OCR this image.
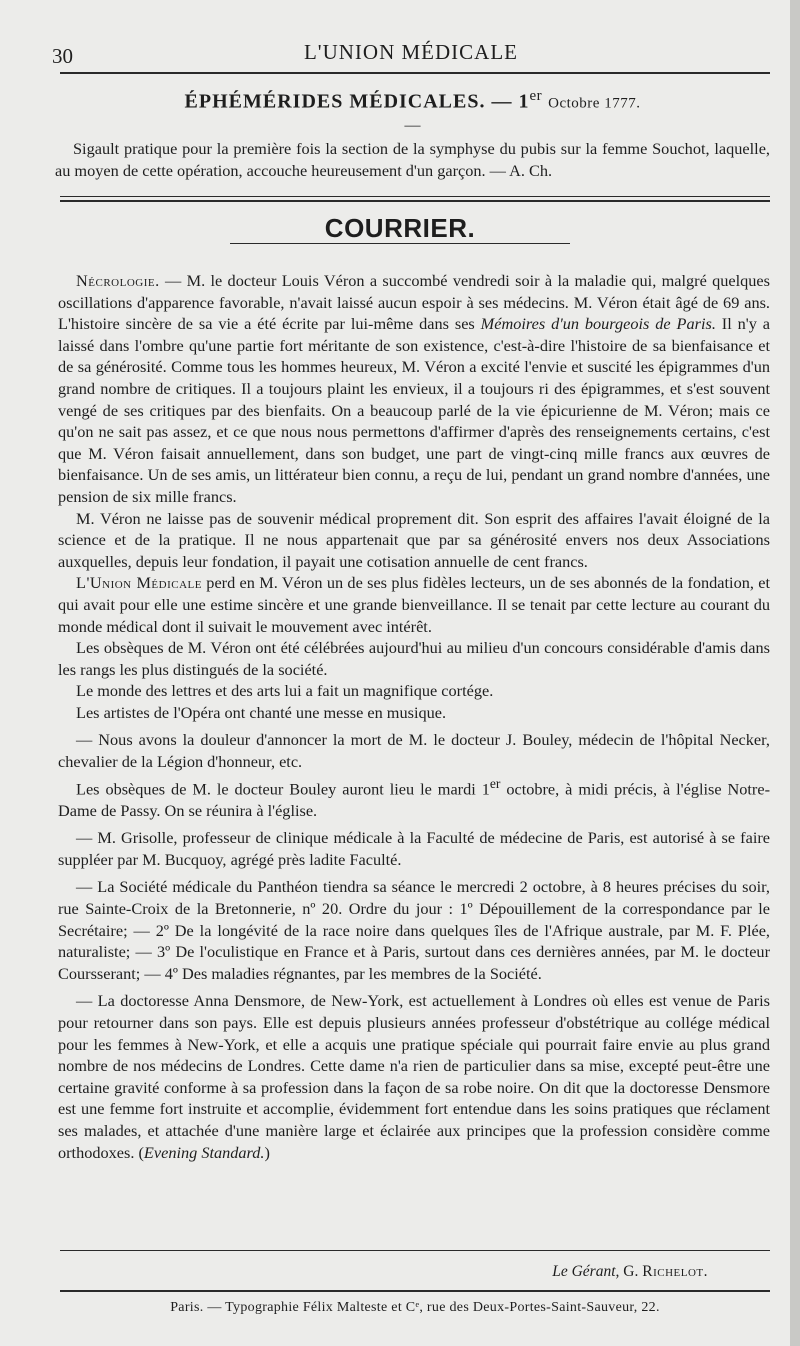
30	L'UNION MÉDICALE
ÉPHÉMÉRIDES MÉDICALES. — 1er Octobre 1777.
—

Sigault pratique pour la première fois la section de la symphyse du pubis sur la femme Souchot, laquelle, au moyen de cette opération, accouche heureusement d'un garçon. — A. Ch.

COURRIER.

Nécrologie. — M. le docteur Louis Véron a succombé vendredi soir à la maladie qui, malgré quelques oscillations d'apparence favorable, n'avait laissé aucun espoir à ses médecins. M. Véron était âgé de 69 ans. L'histoire sincère de sa vie a été écrite par lui-même dans ses Mémoires d'un bourgeois de Paris. Il n'y a laissé dans l'ombre qu'une partie fort méritante de son existence, c'est-à-dire l'histoire de sa bienfaisance et de sa générosité. Comme tous les hommes heureux, M. Véron a excité l'envie et suscité les épigrammes d'un grand nombre de critiques. Il a toujours plaint les envieux, il a toujours ri des épigrammes, et s'est souvent vengé de ses critiques par des bienfaits. On a beaucoup parlé de la vie épicurienne de M. Véron; mais ce qu'on ne sait pas assez, et ce que nous nous permettons d'affirmer d'après des renseignements certains, c'est que M. Véron faisait annuellement, dans son budget, une part de vingt-cinq mille francs aux œuvres de bienfaisance. Un de ses amis, un littérateur bien connu, a reçu de lui, pendant un grand nombre d'années, une pension de six mille francs.

M. Véron ne laisse pas de souvenir médical proprement dit. Son esprit des affaires l'avait éloigné de la science et de la pratique. Il ne nous appartenait que par sa générosité envers nos deux Associations auxquelles, depuis leur fondation, il payait une cotisation annuelle de cent francs.

L'Union Médicale perd en M. Véron un de ses plus fidèles lecteurs, un de ses abonnés de la fondation, et qui avait pour elle une estime sincère et une grande bienveillance. Il se tenait par cette lecture au courant du monde médical dont il suivait le mouvement avec intérêt.

Les obsèques de M. Véron ont été célébrées aujourd'hui au milieu d'un concours considérable d'amis dans les rangs les plus distingués de la société.

Le monde des lettres et des arts lui a fait un magnifique cortége.

Les artistes de l'Opéra ont chanté une messe en musique.

— Nous avons la douleur d'annoncer la mort de M. le docteur J. Bouley, médecin de l'hôpital Necker, chevalier de la Légion d'honneur, etc.

Les obsèques de M. le docteur Bouley auront lieu le mardi 1er octobre, à midi précis, à l'église Notre-Dame de Passy. On se réunira à l'église.

— M. Grisolle, professeur de clinique médicale à la Faculté de médecine de Paris, est autorisé à se faire suppléer par M. Bucquoy, agrégé près ladite Faculté.

— La Société médicale du Panthéon tiendra sa séance le mercredi 2 octobre, à 8 heures précises du soir, rue Sainte-Croix de la Bretonnerie, nº 20. Ordre du jour : 1º Dépouillement de la correspondance par le Secrétaire; — 2º De la longévité de la race noire dans quelques îles de l'Afrique australe, par M. F. Plée, naturaliste; — 3º De l'oculistique en France et à Paris, surtout dans ces dernières années, par M. le docteur Coursserant; — 4º Des maladies régnantes, par les membres de la Société.

— La doctoresse Anna Densmore, de New-York, est actuellement à Londres où elles est venue de Paris pour retourner dans son pays. Elle est depuis plusieurs années professeur d'obstétrique au collége médical pour les femmes à New-York, et elle a acquis une pratique spéciale qui pourrait faire envie au plus grand nombre de nos médecins de Londres. Cette dame n'a rien de particulier dans sa mise, excepté peut-être une certaine gravité conforme à sa profession dans la façon de sa robe noire. On dit que la doctoresse Densmore est une femme fort instruite et accomplie, évidemment fort entendue dans les soins pratiques que réclament ses malades, et attachée d'une manière large et éclairée aux principes que la profession considère comme orthodoxes. (Evening Standard.)

Le Gérant, G. Richelot.
Paris. — Typographie Félix Malteste et Cᵉ, rue des Deux-Portes-Saint-Sauveur, 22.
